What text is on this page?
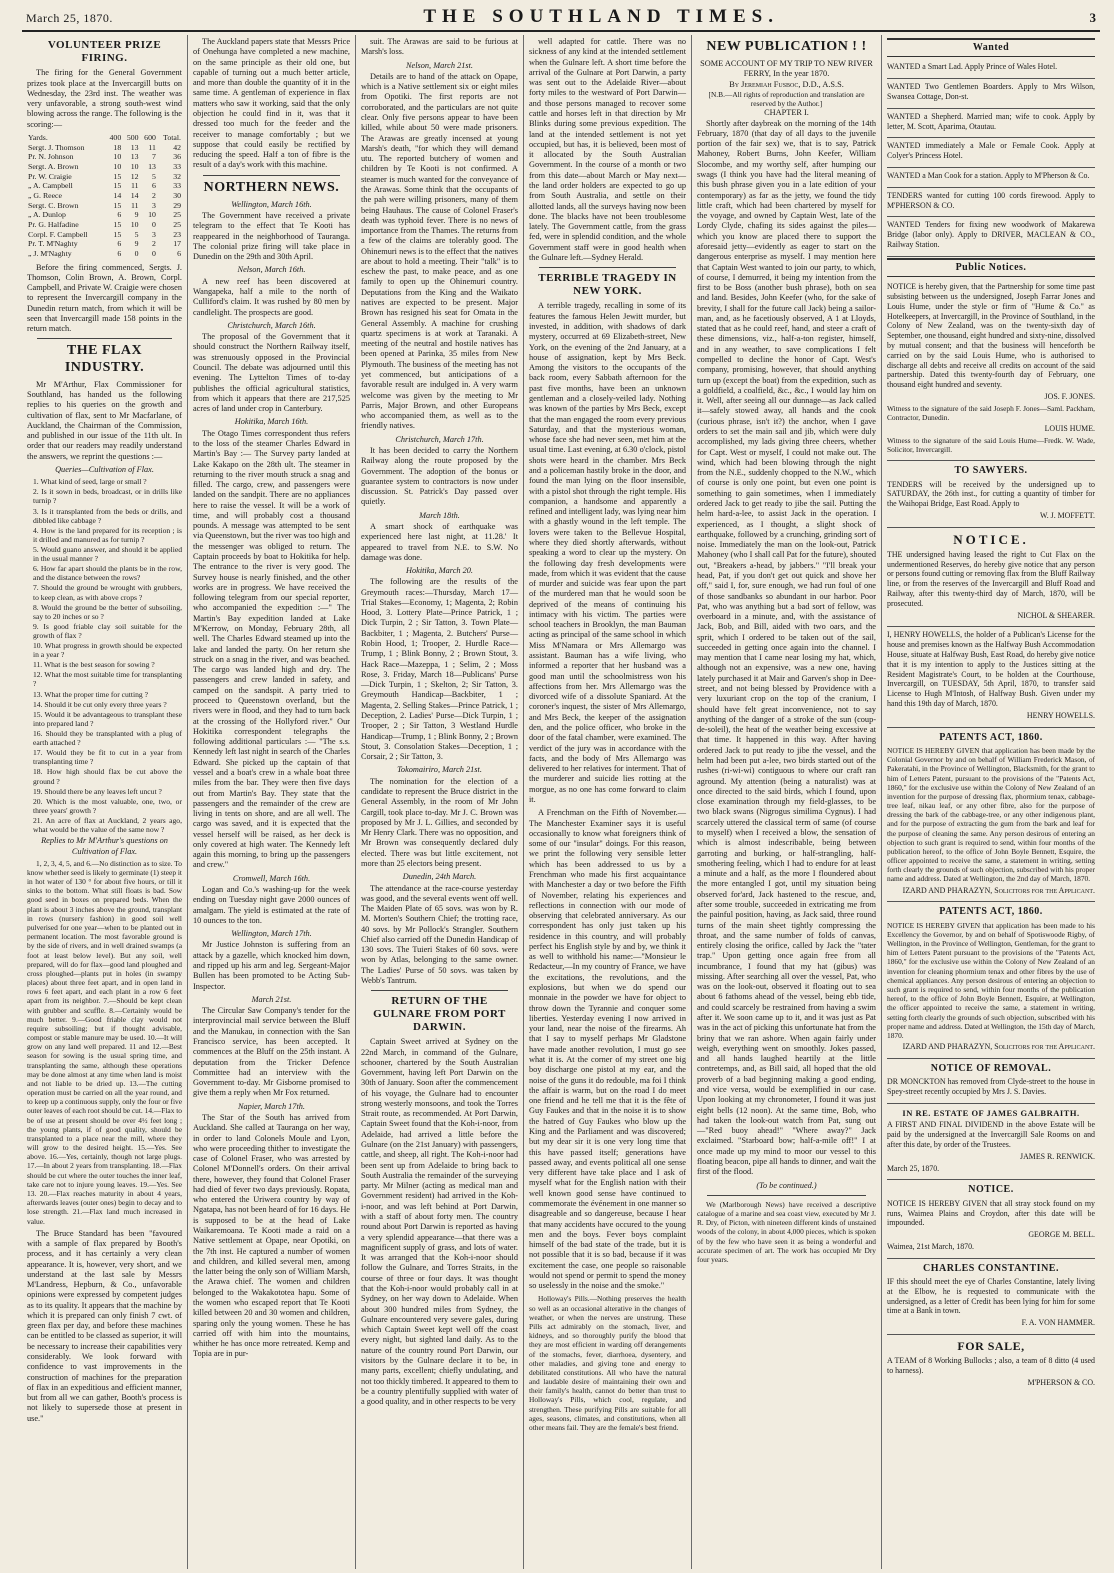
March 25, 1870.	THE SOUTHLAND TIMES.	3
VOLUNTEER PRIZE FIRING.

The firing for the General Government prizes took place at the Invercargill butts on Wednesday, the 23rd inst. The weather was very unfavorable, a strong south-west wind blowing across the range. The following is the scoring:—

Yards.	400	500	600	Total.
Sergt. J. Thomson	18	13	11	42
Pr. N. Johnson	10	13	7	36
Sergt. A. Brown	10	10	13	33
Pr. W. Craigie	15	12	5	32
„ A. Campbell	15	11	6	33
„ G. Reece	14	14	2	30
Sergt. C. Brown	15	11	3	29
„ A. Dunlop	6	9	10	25
Pr. G. Halfadine	15	10	0	25
Corpl. F. Campbell	15	5	3	23
Pr. T. M'Naghty	6	9	2	17
„ J. M'Naghty	6	0	0	6

Before the firing commenced, Sergts. J. Thomson, Colin Brown, A. Brown, Corpl. Campbell, and Private W. Craigie were chosen to represent the Invercargill company in the Dunedin return match, from which it will be seen that Invercargill made 158 points in the return match.

THE FLAX INDUSTRY.

Mr M'Arthur, Flax Commissioner for Southland, has handed us the following replies to his queries on the growth and cultivation of flax, sent to Mr Macfarlane, of Auckland, the Chairman of the Commission, and published in our issue of the 11th ult. In order that our readers may readily understand the answers, we reprint the questions :—

Queries—Cultivation of Flax.

1. What kind of seed, large or small ?

2. Is it sown in beds, broadcast, or in drills like turnip ?

3. Is it transplanted from the beds or drills, and dibbled like cabbage ?

4. How is the land prepared for its reception ; is it drilled and manured as for turnip ?

5. Would guano answer, and should it be applied in the usual manner ?

6. How far apart should the plants be in the row, and the distance between the rows?

7. Should the ground be wrought with grubbers, to keep clean, as with above crops ?

8. Would the ground be the better of subsoiling, say to 20 inches or so ?

9. Is good friable clay soil suitable for the growth of flax ?

10. What progress in growth should be expected in a year ?

11. What is the best season for sowing ?

12. What the most suitable time for transplanting ?

13. What the proper time for cutting ?

14. Should it be cut only every three years ?

15. Would it be advantageous to transplant these into prepared land ?

16. Should they be transplanted with a plug of earth attached ?

17. Would they be fit to cut in a year from transplanting time ?

18. How high should flax be cut above the ground ?

19. Should there be any leaves left uncut ?

20. Which is the most valuable, one, two, or three years' growth ?

21. An acre of flax at Auckland, 2 years ago, what would be the value of the same now ?

Replies to Mr M'Arthur's questions on Cultivation of Flax.

1, 2, 3, 4, 5, and 6.—No distinction as to size. To know whether seed is likely to germinate (1) steep it in hot water of 130 ° for about five hours, or till it sinks to the bottom. What still floats is bad. Sow good seed in boxes on prepared beds. When the plant is about 3 inches above the ground, transplant in rows (nursery fashion) in good soil well pulverised for one year—when to be planted out in permanent location. The most favorable ground is by the side of rivers, and in well drained swamps (a foot at least below level). But any soil, well prepared, will do for flax—good land ploughed and cross ploughed—plants put in holes (in swampy places) about three feet apart, and in open land in rows 6 feet apart, and each plant in a row 6 feet apart from its neighbor. 7.—Should be kept clean with grubber and scuffle. 8.—Certainly would be much better. 9.—Good friable clay would not require subsoiling; but if thought advisable, compost or stable manure may be used. 10.—It will grow on any land well prepared. 11 and 12.—Best season for sowing is the usual spring time, and transplanting the same, although these operations may be done almost at any time when land is moist and not liable to be dried up. 13.—The cutting operation must be carried on all the year round, and to keep up a continuous supply, only the four or five outer leaves of each root should be cut. 14.—Flax to be of use at present should be over 4½ feet long ; the young plants, if of good quality, should be transplanted to a place near the mill, where they will grow to the desired height. 15.—Yes. See above. 16.—Yes, certainly, though not large plugs. 17.—In about 2 years from transplanting. 18.—Flax should be cut where the outer touches the inner leaf, take care not to injure young leaves. 19.—Yes. See 13. 20.—Flax reaches maturity in about 4 years, afterwards leaves (outer ones) begin to decay and to lose strength. 21.—Flax land much increased in value.

The Bruce Standard has been "favoured with a sample of flax prepared by Booth's process, and it has certainly a very clean appearance. It is, however, very short, and we understand at the last sale by Messrs M'Landress, Hepburn, & Co., unfavorable opinions were expressed by competent judges as to its quality. It appears that the machine by which it is prepared can only finish 7 cwt. of green flax per day, and before these machines can be entitled to be classed as superior, it will be necessary to increase their capabilities very considerably. We look forward with confidence to vast improvements in the construction of machines for the preparation of flax in an expeditious and efficient manner, but from all we can gather, Booth's process is not likely to supersede those at present in use."

The Auckland papers state that Messrs Price of Onehunga have completed a new machine, on the same principle as their old one, but capable of turning out a much better article, and more than double the quantity of it in the same time. A gentleman of experience in flax matters who saw it working, said that the only objection he could find in it, was that it dressed too much for the feeder and the receiver to manage comfortably ; but we suppose that could easily be rectified by reducing the speed. Half a ton of fibre is the result of a day's work with this machine.

NORTHERN NEWS.
Wellington, March 16th.

The Government have received a private telegram to the effect that Te Kooti has reappeared in the neighborhood of Tauranga. The colonial prize firing will take place in Dunedin on the 29th and 30th April.

Nelson, March 16th.

A new reef has been discovered at Wangapeka, half a mile to the north of Culliford's claim. It was rushed by 80 men by candlelight. The prospects are good.

Christchurch, March 16th.

The proposal of the Government that it should construct the Northern Railway itself, was strenuously opposed in the Provincial Council. The debate was adjourned until this evening. The Lyttelton Times of to-day publishes the official agricultural statistics, from which it appears that there are 217,525 acres of land under crop in Canterbury.

Hokitika, March 16th.

The Otago Times correspondent thus refers to the loss of the steamer Charles Edward in Martin's Bay :— The Survey party landed at Lake Kakapo on the 28th ult. The steamer in returning to the river mouth struck a snag and filled. The cargo, crew, and passengers were landed on the sandpit. There are no appliances here to raise the vessel. It will be a work of time, and will probably cost a thousand pounds. A message was attempted to be sent via Queenstown, but the river was too high and the messenger was obliged to return. The Captain proceeds by boat to Hokitika for help. The entrance to the river is very good. The Survey house is nearly finished, and the other works are in progress. We have received the following telegram from our special reporter, who accompanied the expedition :—" The Martin's Bay expedition landed at Lake M'Kerrow, on Monday, February 28th, all well. The Charles Edward steamed up into the lake and landed the party. On her return she struck on a snag in the river, and was beached. The cargo was landed high and dry. The passengers and crew landed in safety, and camped on the sandspit. A party tried to proceed to Queenstown overland, but the rivers were in flood, and they had to turn back at the crossing of the Hollyford river." Our Hokitika correspondent telegraphs the following additional particulars :— "The s.s. Kennedy left last night in search of the Charles Edward. She picked up the captain of that vessel and a boat's crew in a whale boat three miles from the bar. They were then five days out from Martin's Bay. They state that the passengers and the remainder of the crew are living in tents on shore, and are all well. The cargo was saved, and it is expected that the vessel herself will be raised, as her deck is only covered at high water. The Kennedy left again this morning, to bring up the passengers and crew."

Cromwell, March 16th.

Logan and Co.'s washing-up for the week ending on Tuesday night gave 2000 ounces of amalgam. The yield is estimated at the rate of 10 ounces to the ton.

Wellington, March 17th.

Mr Justice Johnston is suffering from an attack by a gazelle, which knocked him down, and ripped up his arm and leg. Sergeant-Major Bullen has been promoted to be Acting Sub-Inspector.

March 21st.

The Circular Saw Company's tender for the interprovincial mail service between the Bluff and the Manukau, in connection with the San Francisco service, has been accepted. It commences at the Bluff on the 25th instant. A deputation from the Tricker Defence Committee had an interview with the Government to-day. Mr Gisborne promised to give them a reply when Mr Fox returned.

Napier, March 17th.

The Star of the South has arrived from Auckland. She called at Tauranga on her way, in order to land Colonels Moule and Lyon, who were proceeding thither to investigate the case of Colonel Fraser, who was arrested by Colonel M'Donnell's orders. On their arrival there, however, they found that Colonel Fraser had died of fever two days previously. Ropata, who entered the Uriwera country by way of Ngatapa, has not been heard of for 16 days. He is supposed to be at the head of Lake Waikaremoana. Te Kooti made a raid on a Native settlement at Opape, near Opotiki, on the 7th inst. He captured a number of women and children, and killed several men, among the latter being the only son of William Marsh, the Arawa chief. The women and children belonged to the Wakakototea hapu. Some of the women who escaped report that Te Kooti killed between 20 and 30 women and children, sparing only the young women. These he has carried off with him into the mountains, whither he has once more retreated. Kemp and Topia are in pur-

suit. The Arawas are said to be furious at Marsh's loss.

Nelson, March 21st.

Details are to hand of the attack on Opape, which is a Native settlement six or eight miles from Opotiki. The first reports are not corroborated, and the particulars are not quite clear. Only five persons appear to have been killed, while about 50 were made prisoners. The Arawas are greatly incensed at young Marsh's death, "for which they will demand utu. The reported butchery of women and children by Te Kooti is not confirmed. A steamer is much wanted for the conveyance of the Arawas. Some think that the occupants of the pah were willing prisoners, many of them being Hauhaus. The cause of Colonel Fraser's death was typhoid fever. There is no news of importance from the Thames. The returns from a few of the claims are tolerably good. The Ohinemuri news is to the effect that the natives are about to hold a meeting. Their "talk" is to eschew the past, to make peace, and as one family to open up the Ohinemuri country. Deputations from the King and the Waikato natives are expected to be present. Major Brown has resigned his seat for Omata in the General Assembly. A machine for crushing quartz specimens is at work at Taranaki. A meeting of the neutral and hostile natives has been opened at Parinka, 35 miles from New Plymouth. The business of the meeting has not yet commenced, but anticipations of a favorable result are indulged in. A very warm welcome was given by the meeting to Mr Parris, Major Brown, and other Europeans who accompanied them, as well as to the friendly natives.

Christchurch, March 17th.

It has been decided to carry the Northern Railway along the route proposed by the Government. The adoption of the bonus or guarantee system to contractors is now under discussion. St. Patrick's Day passed over quietly.

March 18th.

A smart shock of earthquake was experienced here last night, at 11.28.' It appeared to travel from N.E. to S.W. No damage was done.

Hokitika, March 20.

The following are the results of the Greymouth races:—Thursday, March 17—Trial Stakes—Economy, 1; Magenta, 2; Robin Hood, 3. Lottery Plate—Prince Patrick, 1 ; Dick Turpin, 2 ; Sir Tatton, 3. Town Plate—Backbiter, 1 ; Magenta, 2. Butchers' Purse—Robin Hood, 1; Trooper, 2. Hurdle Race—Trump, 1 ; Blink Bonny, 2 ; Brown Stout, 3. Hack Race—Mazeppa, 1 ; Selim, 2 ; Moss Rose, 3. Friday, March 18—Publicans' Purse—Dick Turpin, 1 ; Skelton, 2; Sir Tatton, 3. Greymouth Handicap—Backbiter, 1 ; Magenta, 2. Selling Stakes—Prince Patrick, 1 ; Deception, 2. Ladies' Purse—Dick Turpin, 1 ; Trooper, 2 ; Sir Tatton, 3 Westland Hurdle Handicap—Trump, 1 ; Blink Bonny, 2 ; Brown Stout, 3. Consolation Stakes—Deception, 1 ; Corsair, 2 ; Sir Tatton, 3.

Tokomairiro, March 21st.

The nomination for the election of a candidate to represent the Bruce district in the General Assembly, in the room of Mr John Cargill, took place to-day. Mr J. C. Brown was proposed by Mr J. L. Gillies, and seconded by Mr Henry Clark. There was no opposition, and Mr Brown was consequently declared duly elected. There was but little excitement, not more than 25 electors being present.

Dunedin, 24th March.

The attendance at the race-course yesterday was good, and the several events went off well. The Maiden Plate of 65 sovs. was won by R. M. Morten's Southern Chief; the trotting race, 40 sovs. by Mr Pollock's Strangler. Southern Chief also carried off the Dunedin Handicap of 130 sovs. The Tuieri Stakes of 60 sovs. were won by Atlas, belonging to the same owner. The Ladies' Purse of 50 sovs. was taken by Webb's Tantrum.

RETURN OF THE GULNARE FROM PORT DARWIN.

Captain Sweet arrived at Sydney on the 22nd March, in command of the Gulnare, schooner, chartered by the South Australian Government, having left Port Darwin on the 30th of January. Soon after the commencement of his voyage, the Gulnare had to encounter strong westerly monsoons, and took the Torres Strait route, as recommended. At Port Darwin, Captain Sweet found that the Koh-i-noor, from Adelaide, had arrived a little before the Gulnare (on the 21st January) with passengers, cattle, and sheep, all right. The Koh-i-noor had been sent up from Adelaide to bring back to South Australia the remainder of the surveying party. Mr Milner (acting as medical man and Government resident) had arrived in the Koh-i-noor, and was left behind at Port Darwin, with a staff of about forty men. The country round about Port Darwin is reported as having a very splendid appearance—that there was a magnificent supply of grass, and lots of water. It was arranged that the Koh-i-noor should follow the Gulnare, and Torres Straits, in the course of three or four days. It was thought that the Koh-i-noor would probably call in at Sydney, on her way down to Adelaide. When about 300 hundred miles from Sydney, the Gulnare encountered very severe gales, during which Captain Sweet kept well off the coast every night, but sighted land daily. As to the nature of the country round Port Darwin, our visitors by the Gulnare declare it to be, in many parts, excellent; chiefly undulating, and not too thickly timbered. It appeared to them to be a country plentifully supplied with water of a good quality, and in other respects to be very

well adapted for cattle. There was no sickness of any kind at the intended settlement when the Gulnare left. A short time before the arrival of the Gulnare at Port Darwin, a party was sent out to the Adelaide River—about forty miles to the westward of Port Darwin—and those persons managed to recover some cattle and horses left in that direction by Mr Blinks during some previous expedition. The land at the intended settlement is not yet occupied, but has, it is believed, been most of it allocated by the South Australian Government. In the course of a month or two from this date—about March or May next—the land order holders are expected to go up from South Australia, and settle on their allotted lands, all the surveys having now been done. The blacks have not been troublesome lately. The Government cattle, from the grass fed, were in splendid condition, and the whole Government staff were in good health when the Gulnare left.—Sydney Herald.

TERRIBLE TRAGEDY IN NEW YORK.

A terrible tragedy, recalling in some of its features the famous Helen Jewitt murder, but invested, in addition, with shadows of dark mystery, occurred at 69 Elizabeth-street, New York, on the evening of the 2nd January, at a house of assignation, kept by Mrs Beck. Among the visitors to the occupants of the back room, every Sabbath afternoon for the past five months, have been an unknown gentleman and a closely-veiled lady. Nothing was known of the parties by Mrs Beck, except that the man engaged the room every previous Saturday, and that the mysterious woman, whose face she had never seen, met him at the usual time. Last evening, at 6.30 o'clock, pistol shots were heard in the chamber. Mrs Beck and a policeman hastily broke in the door, and found the man lying on the floor insensible, with a pistol shot through the right temple. His companion, a handsome and apparently a refined and intelligent lady, was lying near him with a ghastly wound in the left temple. The lovers were taken to the Bellevue Hospital, where they died shortly afterwards, without speaking a word to clear up the mystery. On the following day fresh developments were made, from which it was evident that the cause of murder and suicide was fear upon the part of the murdered man that he would soon be deprived of the means of continuing his intimacy with his victim. The parties were school teachers in Brooklyn, the man Bauman acting as principal of the same school in which Miss M'Namara or Mrs Allemargo was assistant. Bauman has a wife living, who informed a reporter that her husband was a good man until the schoolmistress won his affections from her. Mrs Allemargo was the divorced wife of a dissolute Spaniard. At the coroner's inquest, the sister of Mrs Allemargo, and Mrs Beck, the keeper of the assignation den, and the police officer, who broke in the door of the fatal chamber, were examined. The verdict of the jury was in accordance with the facts, and the body of Mrs Allemargo was delivered to her relatives for interment. That of the murderer and suicide lies rotting at the morgue, as no one has come forward to claim it.

A Frenchman on the Fifth of November.—The Manchester Examiner says it is useful occasionally to know what foreigners think of some of our "insular" doings. For this reason, we print the following very sensible letter which has been addressed to us by a Frenchman who made his first acquaintance with Manchester a day or two before the Fifth of November, relating his experiences and reflections in connection with our mode of observing that celebrated anniversary. As our correspondent has only just taken up his residence in this country, and will probably perfect his English style by and by, we think it as well to withhold his name:—"Monsieur le Redacteur,—In my country of France, we have the excitations, the revolutions, and the explosions, but when we do spend our monnaie in the powder we have for object to throw down the Tyrannie and conquer some liberties. Yesterday evening I now arrived in your land, near the noise of the firearms. Ah that I say to myself perhaps Mr Gladstone have made another revolution, I must go see what it is. At the corner of my street one big boy discharge one pistol at my ear, and the noise of the guns it do redouble, ma foi I think the affair is warm, but on the road I do meet one friend and he tell me that it is the fête of Guy Faukes and that in the noise it is to show the hatred of Guy Faukes who blow up the King and the Parliament and was discovered; but my dear sir it is one very long time that this have passed itself; generations have passed away, and events political all one sense very different have take place and I ask of myself what for the English nation with their well known good sense have continued to commemorate the événement in one manner so disagreable and so dangereuse, because I hear that many accidents have occured to the young men and the boys. Fever boys complaint himself of the bad state of the trade, but it is not possible that it is so bad, because if it was excitement the case, one people so raisonable would not spend or permit to spend the money so uselessly in the noise and the smoke."

Holloway's Pills.—Nothing preserves the health so well as an occasional alterative in the changes of weather, or when the nerves are unstrung. These Pills act admirably on the stomach, liver, and kidneys, and so thoroughly purify the blood that they are most efficient in warding off derangements of the stomachs, fever, diarrhoea, dysentery, and other maladies, and giving tone and energy to debilitated constitutions. All who have the natural and laudable desire of maintaining their own and their family's health, cannot do better than trust to Holloway's Pills, which cool, regulate, and strengthen. These purifying Pills are suitable for all ages, seasons, climates, and constitutions, when all other means fail. They are the female's best friend.

NEW PUBLICATION ! !
SOME ACCOUNT OF MY TRIP TO NEW RIVER FERRY, In the year 1870.
By Jeremiah Fusboc, D.D., A.S.S.
[N.B.—All rights of reproduction and translation are reserved by the Author.]
CHAPTER I.

Shortly after daybreak on the morning of the 14th February, 1870 (that day of all days to the juvenile portion of the fair sex) we, that is to say, Patrick Mahoney, Robert Burns, John Keefer, William Slocombe, and my worthy self, after humping our swags (I think you have had the literal meaning of this bush phrase given you in a late edition of your contemporary) as far as the jetty, we found the tidy little craft, which had been chartered by myself for the voyage, and owned by Captain West, late of the Lordy Clyde, chafing its sides against the piles—which you know are placed there to support the aforesaid jetty—evidently as eager to start on the dangerous enterprise as myself. I may mention here that Captain West wanted to join our party, to which, of course, I demurred, it being my intention from the first to be Boss (another bush phrase), both on sea and land. Besides, John Keefer (who, for the sake of brevity, I shall for the future call Jack) being a sailor-man, and, as he facetiously observed, A 1 at Lloyds, stated that as he could reef, hand, and steer a craft of these dimensions, viz., half-a-ton register, himself, and in any weather, to save complications I felt compelled to decline the honor of Capt. West's company, promising, however, that should anything turn up (except the boat) from the expedition, such as a goldfield, a coalfield, &c., &c., I would lay him on it. Well, after seeing all our dunnage—as Jack called it—safely stowed away, all hands and the cook (curious phrase, isn't it?) the anchor, when I gave orders to set the main sail and jib, which were duly accomplished, my lads giving three cheers, whether for Capt. West or myself, I could not make out. The wind, which had been blowing through the night from the N.E., suddenly chopped to the N.W., which of course is only one point, but even one point is something to gain sometimes, when I immediately ordered Jack to get ready to jibe the sail. Putting the helm hard-a-lee, to assist Jack in the operation. I experienced, as I thought, a slight shock of earthquake, followed by a crunching, grinding sort of noise. Immediately the man on the look-out, Patrick Mahoney (who I shall call Pat for the future), shouted out, "Breakers a-head, by jabbers." "I'll break your head, Pat, if you don't get out quick and shove her off," said I, for, sure enough, we had run foul of one of those sandbanks so abundant in our harbor. Poor Pat, who was anything but a bad sort of fellow, was overboard in a minute, and, with the assistance of Jack, Bob, and Bill, aided with two oars, and the sprit, which I ordered to be taken out of the sail, succeeded in getting once again into the channel. I may mention that I came near losing my hat, which, although not an expensive, was a new one, having lately purchased it at Mair and Garven's shop in Dee-street, and not being blessed by Providence with a very luxuriant crop on the top of the cranium, I should have felt great inconvenience, not to say anything of the danger of a stroke of the sun (coup-de-soleil), the heat of the weather being excessive at that time. It happened in this way. After having ordered Jack to put ready to jibe the vessel, and the helm had been put a-lee, two birds started out of the rushes (ri-wi-wi) contiguous to where our craft ran aground. My attention (being a naturalist) was at once directed to the said birds, which I found, upon close examination through my field-glasses, to be two black swans (Nigrogus similima Cygnus). I had scarcely uttered the classical term of same (of course to myself) when I received a blow, the sensation of which is almost indescribable, being between garroting and burking, or half-strangling, half-smothering feeling, which I had to endure for at least a minute and a half, as the more I floundered about the more entangled I got, until my situation being observed for'ard, Jack hastened to the rescue, and, after some trouble, succeeded in extricating me from the painful position, having, as Jack said, three round turns of the main sheet tightly compressing the throat, and the same number of folds of canvas, entirely closing the orifice, called by Jack the "tater trap." Upon getting once again free from all incumbrance, I found that my hat (gibus) was missing. After searching all over the vessel, Pat, who was on the look-out, observed it floating out to sea about 6 fathoms ahead of the vessel, being ebb tide, and could scarcely be restrained from having a swim after it. We soon came up to it, and it was just as Pat was in the act of picking this unfortunate hat from the briny that we ran ashore. When again fairly under weigh, everything went on smoothly. Jokes passed, and all hands laughed heartily at the little contretemps, and, as Bill said, all hoped that the old proverb of a bad beginning making a good ending, and vice versa, would be exemplified in our case. Upon looking at my chronometer, I found it was just eight bells (12 noon). At the same time, Bob, who had taken the look-out watch from Pat, sung out—"Red buoy ahead!" "Where away?" Jack exclaimed. "Starboard bow; half-a-mile off!" I at once made up my mind to moor our vessel to this floating beacon, pipe all hands to dinner, and wait the first of the flood.

(To be continued.)

We (Marlborough News) have received a descriptive catalogue of a marine and sea coast view, executed by Mr J. R. Dry, of Picton, with nineteen different kinds of unstained woods of the colony, in about 4,000 pieces, which is spoken of by the few who have seen it as being a wonderful and accurate specimen of art. The work has occupied Mr Dry four years.

Wanted

WANTED a Smart Lad. Apply Prince of Wales Hotel.

WANTED Two Gentlemen Boarders. Apply to Mrs Wilson, Swansea Cottage, Don-st.

WANTED a Shepherd. Married man; wife to cook. Apply by letter, M. Scott, Aparima, Otautau.

WANTED immediately a Male or Female Cook. Apply at Colyer's Princess Hotel.

WANTED a Man Cook for a station. Apply to M'Pherson & Co.

TENDERS wanted for cutting 100 cords firewood. Apply to M'PHERSON & CO.

WANTED Tenders for fixing new woodwork of Makarewa Bridge (labor only). Apply to DRIVER, MACLEAN & CO., Railway Station.

Public Notices.

NOTICE is hereby given, that the Partnership for some time past subsisting between us the undersigned, Joseph Farrar Jones and Louis Hume, under the style or firm of "Hume & Co." as Hotelkeepers, at Invercargill, in the Province of Southland, in the Colony of New Zealand, was on the twenty-sixth day of September, one thousand, eight hundred and sixty-nine, dissolved by mutual consent; and that the business will henceforth be carried on by the said Louis Hume, who is authorised to discharge all debts and receive all credits on account of the said partnership. Dated this twenty-fourth day of February, one thousand eight hundred and seventy.

JOS. F. JONES.

Witness to the signature of the said Joseph F. Jones—Saml. Packham, Contractor, Dunedin.

LOUIS HUME.

Witness to the signature of the said Louis Hume—Fredk. W. Wade, Solicitor, Invercargill.

TO SAWYERS.

TENDERS will be received by the undersigned up to SATURDAY, the 26th inst., for cutting a quantity of timber for the Waihopai Bridge, East Road. Apply to

W. J. MOFFETT.

NOTICE.

THE undersigned having leased the right to Cut Flax on the undermentioned Reserves, do hereby give notice that any person or persons found cutting or removing flax from the Bluff Railway line, or from the reserves of the Invercargill and Bluff Road and Railway, after this twenty-third day of March, 1870, will be prosecuted.

NICHOL & SHEARER.

I, HENRY HOWELLS, the holder of a Publican's License for the house and premises known as the Halfway Bush Accommodation House, situate at Halfway Bush, East Road, do hereby give notice that it is my intention to apply to the Justices sitting at the Resident Magistrate's Court, to be holden at the Courthouse, Invercargill, on TUESDAY, 5th April, 1870, to transfer said License to Hugh M'Intosh, of Halfway Bush. Given under my hand this 19th day of March, 1870.

HENRY HOWELLS.

PATENTS ACT, 1860.

NOTICE IS HEREBY GIVEN that application has been made by the Colonial Governor by and on behalf of William Frederick Mason, of Pakeratahi, in the Province of Wellington, Blacksmith, for the grant to him of Letters Patent, pursuant to the provisions of the "Patents Act, 1860," for the exclusive use within the Colony of New Zealand of an invention for the purpose of dressing flax, phormium tenax, cabbage-tree leaf, nikau leaf, or any other fibre, also for the purpose of dressing the bark of the cabbage-tree, or any other indigenous plant, and for the purpose of extracting the gum from the bark and leaf for the purpose of cleaning the same. Any person desirous of entering an objection to such grant is required to send, within four months of the publication hereof, to the office of John Boyle Bennett, Esquire, the officer appointed to receive the same, a statement in writing, setting forth clearly the grounds of such objection, subscribed with his proper name and address. Dated at Wellington, the 2nd day of March, 1870.

IZARD AND PHARAZYN, Solicitors for the Applicant.

PATENTS ACT, 1860.

NOTICE IS HEREBY GIVEN that application has been made to his Excellency the Governor, by and on behalf of Spotiswoode Rigby, of Wellington, in the Province of Wellington, Gentleman, for the grant to him of Letters Patent pursuant to the provisions of the "Patents Act, 1860," for the exclusive use within the Colony of New Zealand of an invention for cleaning phormium tenax and other fibres by the use of chemical appliances. Any person desirous of entering an objection to such grant is required to send, within four months of the publication hereof, to the office of John Boyle Bennett, Esquire, at Wellington, the officer appointed to receive the same, a statement in writing, setting forth clearly the grounds of such objection, subscribed with his proper name and address. Dated at Wellington, the 15th day of March, 1870.

IZARD AND PHARAZYN, Solicitors for the Applicant.

NOTICE OF REMOVAL.

DR MONCKTON has removed from Clyde-street to the house in Spey-street recently occupied by Mrs J. S. Davies.

IN RE. ESTATE OF JAMES GALBRAITH.

A FIRST AND FINAL DIVIDEND in the above Estate will be paid by the undersigned at the Invercargill Sale Rooms on and after this date, by order of the Trustees.

JAMES R. RENWICK.

March 25, 1870.

NOTICE.

NOTICE IS HEREBY GIVEN that all stray stock found on my runs, Waimea Plains and Croydon, after this date will be impounded.

GEORGE M. BELL.

Waimea, 21st March, 1870.

CHARLES CONSTANTINE.

IF this should meet the eye of Charles Constantine, lately living at the Elbow, he is requested to communicate with the undersigned, as a letter of Credit has been lying for him for some time at a Bank in town.

F. A. VON HAMMER.

FOR SALE,

A TEAM of 8 Working Bullocks ; also, a team of 8 ditto (4 used to harness).

M'PHERSON & CO.
